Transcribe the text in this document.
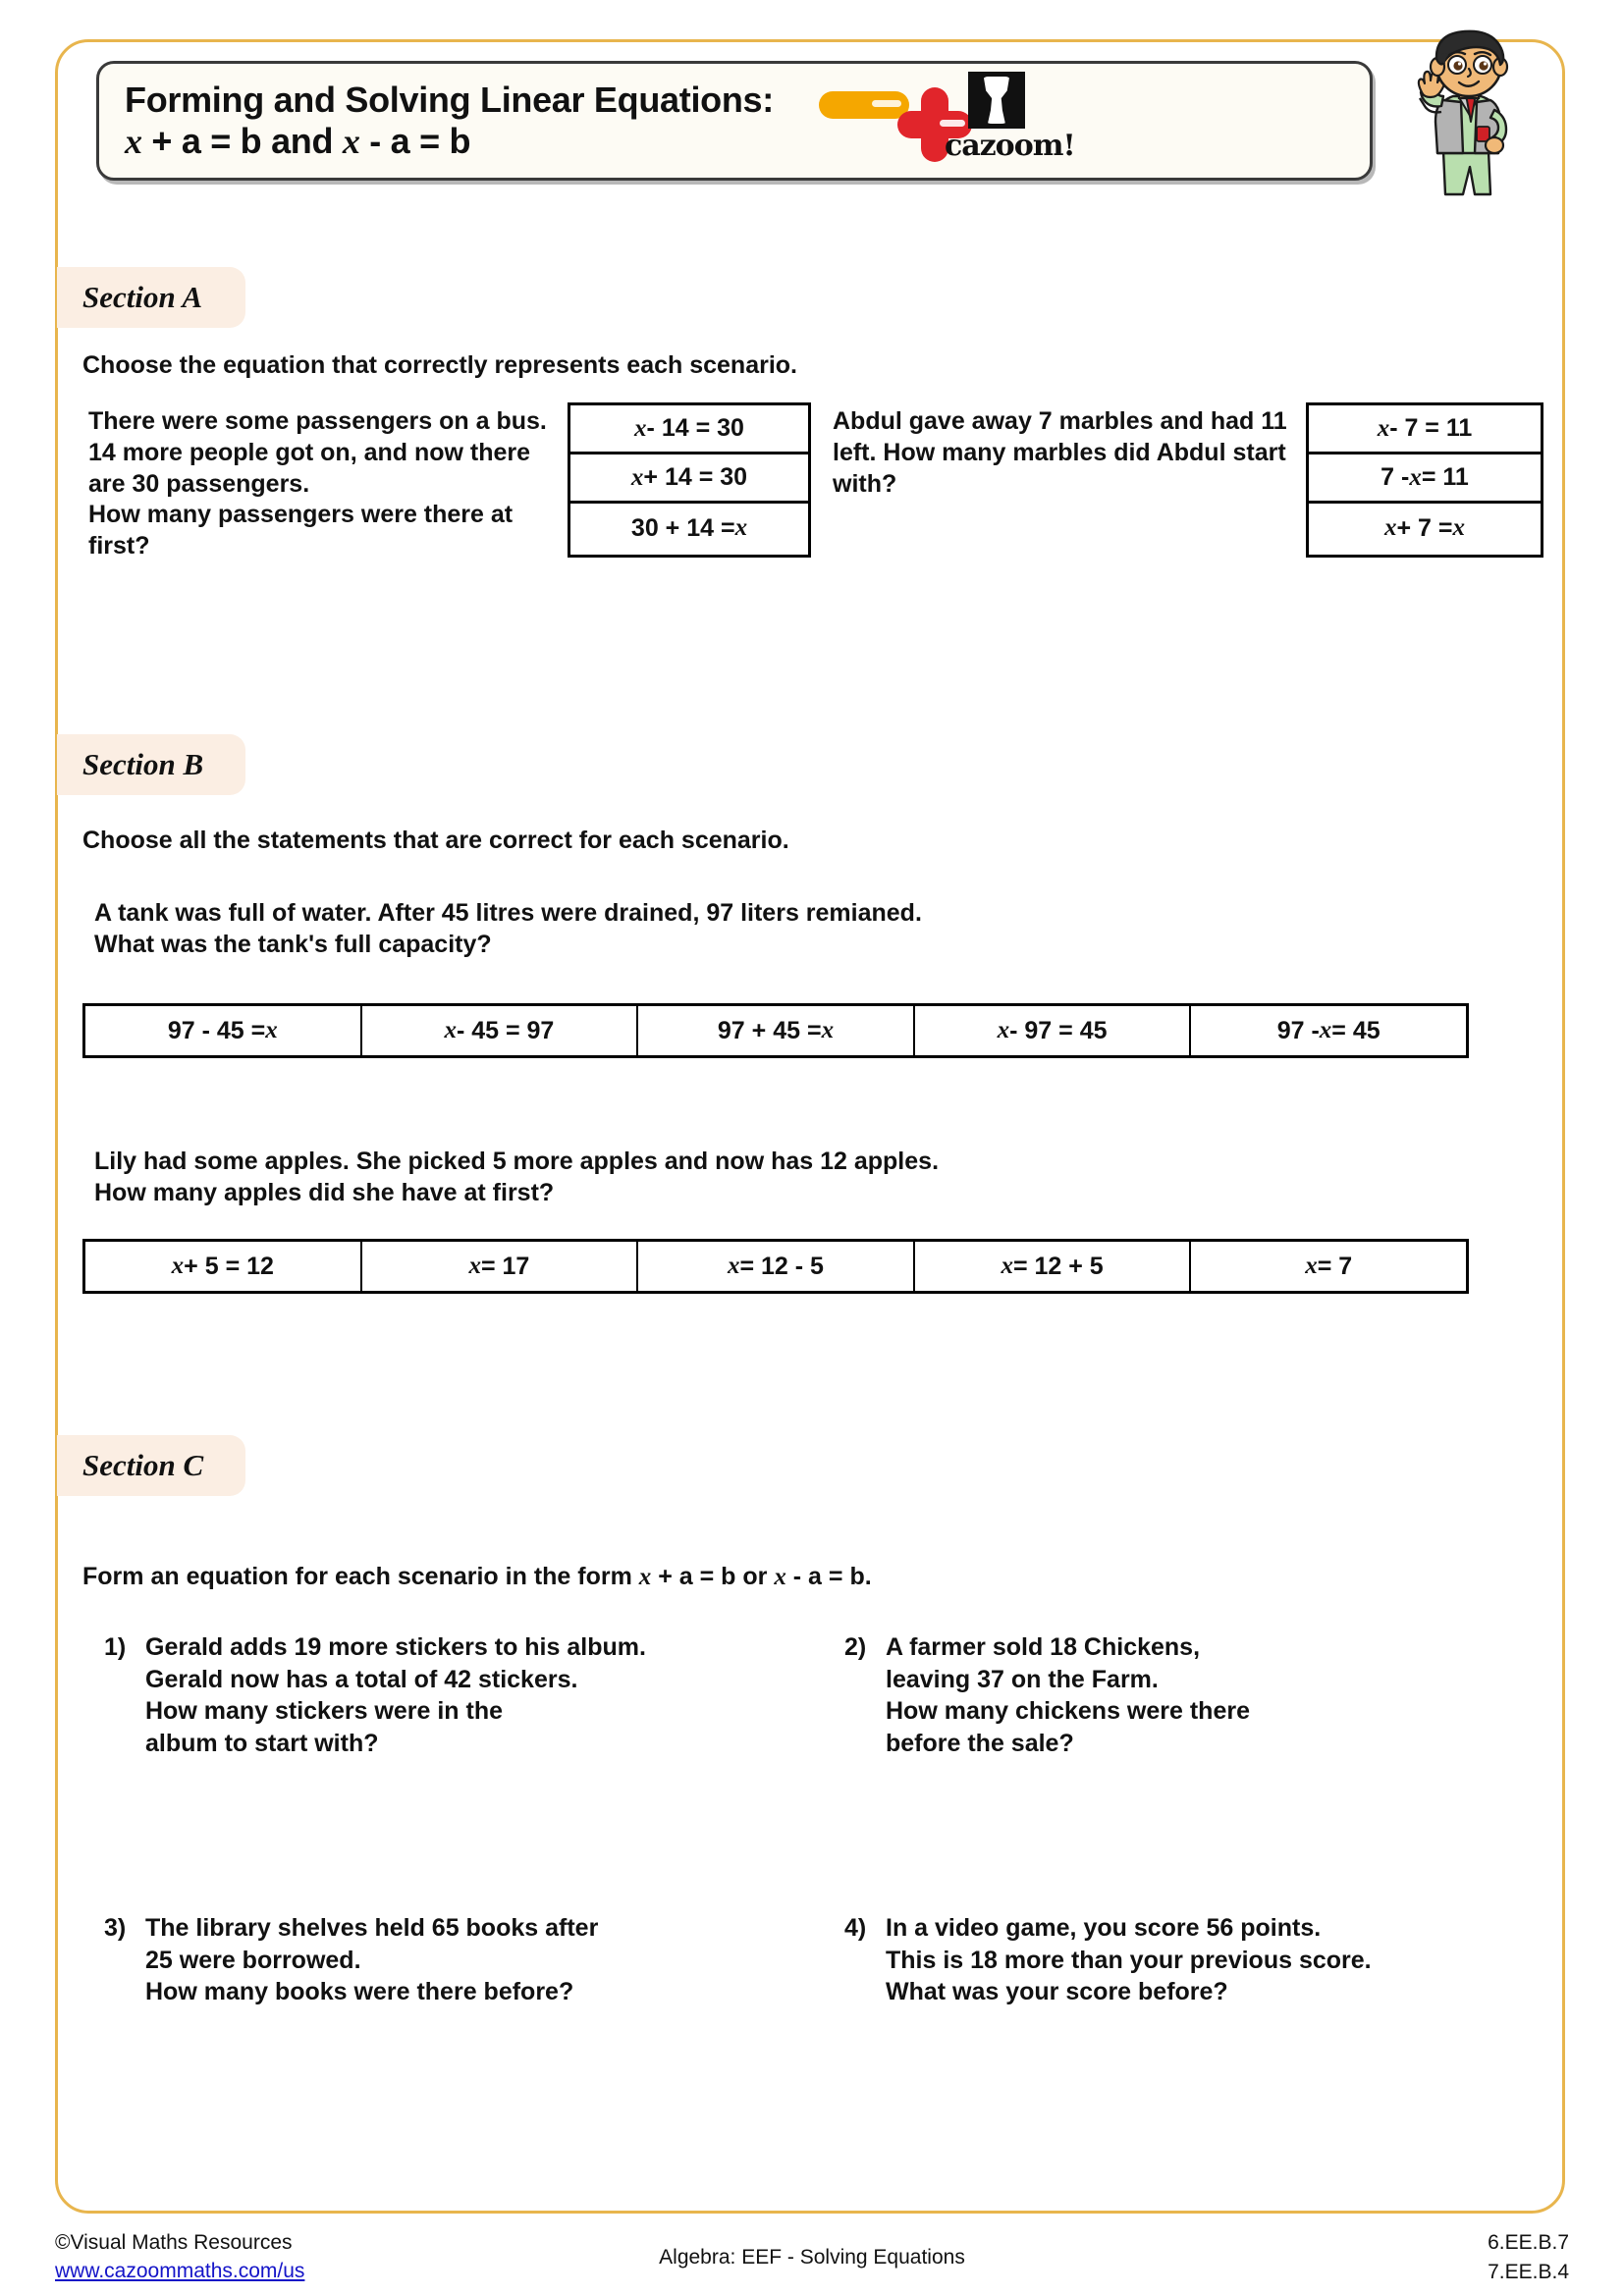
Forming and Solving Linear Equations:
x + a = b and x - a = b	cazoom!
Section A
Choose the equation that correctly represents each scenario.
There were some passengers on a bus. 14 more people got on, and now there are 30 passengers.
How many passengers were there at first?
x - 14 = 30
x + 14 = 30
30 + 14 = x
Abdul gave away 7 marbles and had 11 left. How many marbles did Abdul start with?
x - 7 = 11
7 - x = 11
x + 7 = x
Section B
Choose all the statements that are correct for each scenario.
A tank was full of water. After 45 litres were drained, 97 liters remianed.
What was the tank's full capacity?
97 - 45 = x	x - 45 = 97	97 + 45 = x	x - 97 = 45	97 - x = 45
Lily had some apples. She picked 5 more apples and now has 12 apples.
How many apples did she have at first?
x + 5 = 12	x = 17	x = 12 - 5	x = 12 + 5	x = 7
Section C
Form an equation for each scenario in the form x + a = b or x - a = b.
1) Gerald adds 19 more stickers to his album.
Gerald now has a total of 42 stickers.
How many stickers were in the
album to start with?
2) A farmer sold 18 Chickens,
leaving 37 on the Farm.
How many chickens were there
before the sale?
3) The library shelves held 65 books after
25 were borrowed.
How many books were there before?
4) In a video game, you score 56 points.
This is 18 more than your previous score.
What was your score before?
©Visual Maths Resources
www.cazoommaths.com/us
Algebra: EEF - Solving Equations
6.EE.B.7
7.EE.B.4
